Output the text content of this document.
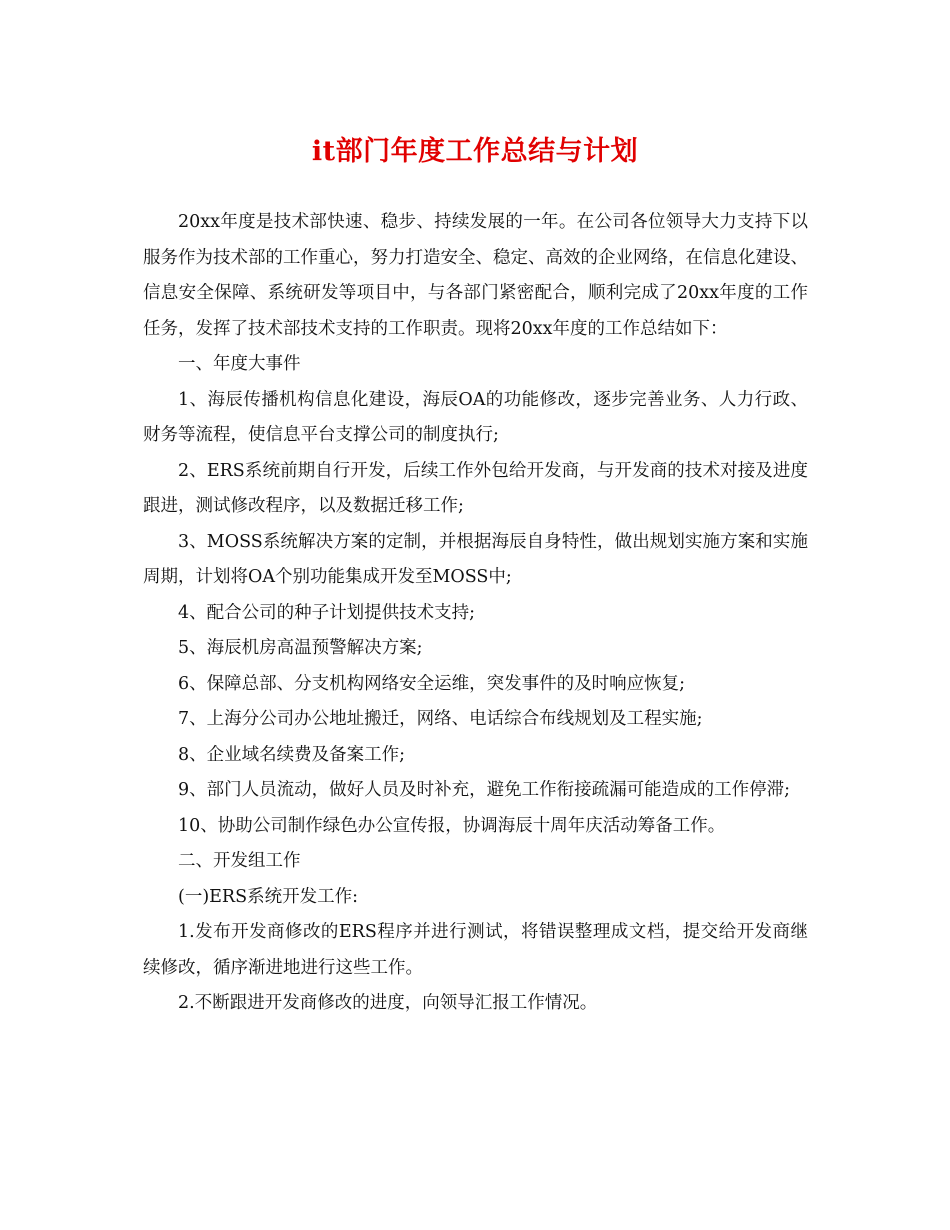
it部门年度工作总结与计划

20xx年度是技术部快速、稳步、持续发展的一年。在公司各位领导大力支持下以服务作为技术部的工作重心，努力打造安全、稳定、高效的企业网络，在信息化建设、信息安全保障、系统研发等项目中，与各部门紧密配合，顺利完成了20xx年度的工作任务，发挥了技术部技术支持的工作职责。现将20xx年度的工作总结如下：

一、年度大事件

1、海辰传播机构信息化建设，海辰OA的功能修改，逐步完善业务、人力行政、财务等流程，使信息平台支撑公司的制度执行;

2、ERS系统前期自行开发，后续工作外包给开发商，与开发商的技术对接及进度跟进，测试修改程序，以及数据迁移工作;

3、MOSS系统解决方案的定制，并根据海辰自身特性，做出规划实施方案和实施周期，计划将OA个别功能集成开发至MOSS中;

4、配合公司的种子计划提供技术支持;

5、海辰机房高温预警解决方案;

6、保障总部、分支机构网络安全运维，突发事件的及时响应恢复;

7、上海分公司办公地址搬迁，网络、电话综合布线规划及工程实施;

8、企业域名续费及备案工作;

9、部门人员流动，做好人员及时补充，避免工作衔接疏漏可能造成的工作停滞;

10、协助公司制作绿色办公宣传报，协调海辰十周年庆活动筹备工作。

二、开发组工作

(一)ERS系统开发工作:

1.发布开发商修改的ERS程序并进行测试，将错误整理成文档，提交给开发商继续修改，循序渐进地进行这些工作。

2.不断跟进开发商修改的进度，向领导汇报工作情况。
